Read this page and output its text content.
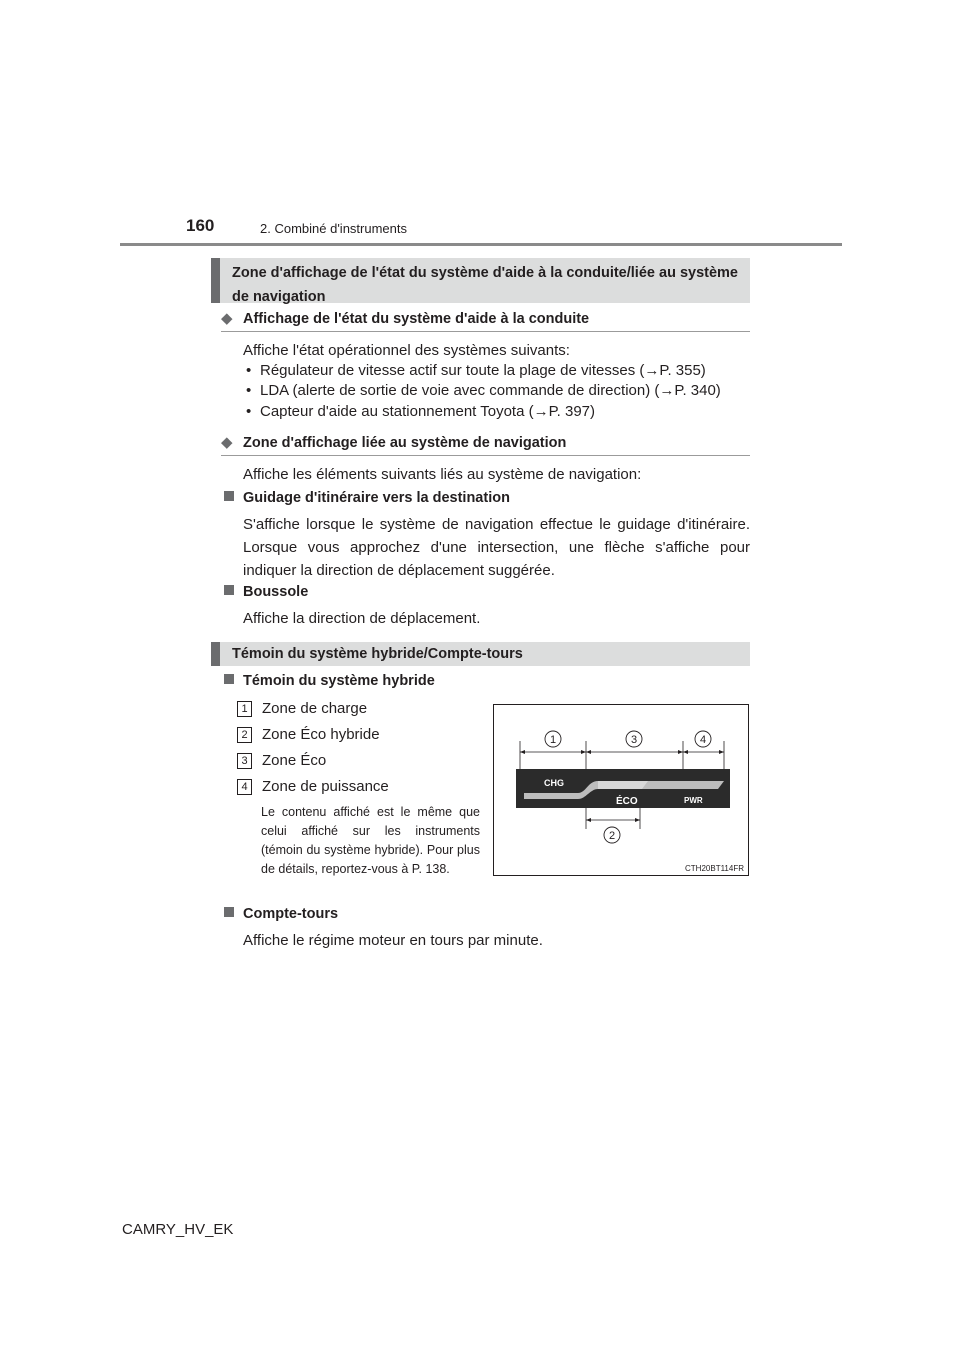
160	2. Combiné d'instruments
Zone d'affichage de l'état du système d'aide à la conduite/liée au système de navigation
◆ Affichage de l'état du système d'aide à la conduite
Affiche l'état opérationnel des systèmes suivants:
• Régulateur de vitesse actif sur toute la plage de vitesses (→P. 355)
• LDA (alerte de sortie de voie avec commande de direction) (→P. 340)
• Capteur d'aide au stationnement Toyota (→P. 397)
◆ Zone d'affichage liée au système de navigation
Affiche les éléments suivants liés au système de navigation:
Guidage d'itinéraire vers la destination
S'affiche lorsque le système de navigation effectue le guidage d'itinéraire. Lorsque vous approchez d'une intersection, une flèche s'affiche pour indiquer la direction de déplacement suggérée.
Boussole
Affiche la direction de déplacement.
Témoin du système hybride/Compte-tours
Témoin du système hybride
1 Zone de charge
2 Zone Éco hybride
3 Zone Éco
4 Zone de puissance
Le contenu affiché est le même que celui affiché sur les instruments (témoin du système hybride). Pour plus de détails, reportez-vous à P. 138.
1	3	4
2
CHG
ÉCO	PWR
CTH20BT114FR
Compte-tours
Affiche le régime moteur en tours par minute.
CAMRY_HV_EK
